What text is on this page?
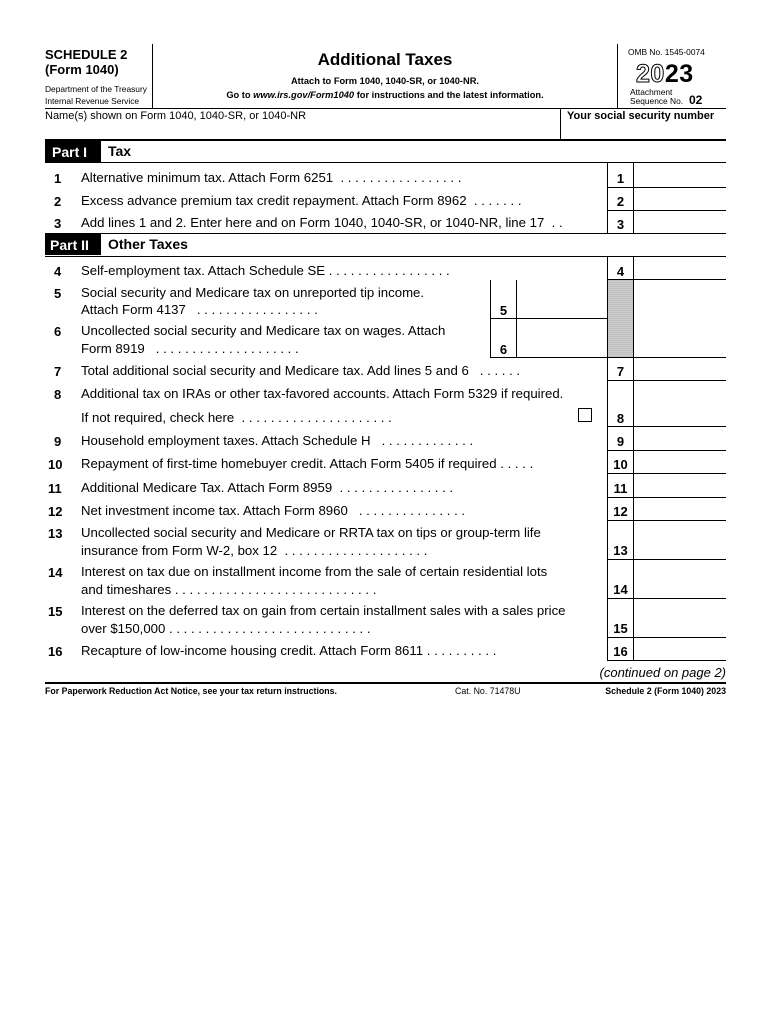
SCHEDULE 2
(Form 1040)
Department of the Treasury
Internal Revenue Service
Additional Taxes
Attach to Form 1040, 1040-SR, or 1040-NR.
Go to www.irs.gov/Form1040 for instructions and the latest information.
OMB No. 1545-0074
2023
Attachment
Sequence No. 02
Name(s) shown on Form 1040, 1040-SR, or 1040-NR	Your social security number
Part I	Tax
1 Alternative minimum tax. Attach Form 6251 . . . . . . . . . . . . . . . . .	1
2 Excess advance premium tax credit repayment. Attach Form 8962 . . . . . . .	2
3 Add lines 1 and 2. Enter here and on Form 1040, 1040-SR, or 1040-NR, line 17 . .	3
Part II	Other Taxes
4 Self-employment tax. Attach Schedule SE . . . . . . . . . . . . . . . . .	4
5 Social security and Medicare tax on unreported tip income.
Attach Form 4137 . . . . . . . . . . . . . . . . .	5
6 Uncollected social security and Medicare tax on wages. Attach
Form 8919 . . . . . . . . . . . . . . . . . . . .	6
7 Total additional social security and Medicare tax. Add lines 5 and 6 . . . . . .	7
8 Additional tax on IRAs or other tax-favored accounts. Attach Form 5329 if required.
If not required, check here . . . . . . . . . . . . . . . . . . . . .	8
9 Household employment taxes. Attach Schedule H . . . . . . . . . . . . .	9
10 Repayment of first-time homebuyer credit. Attach Form 5405 if required . . . . .	10
11 Additional Medicare Tax. Attach Form 8959 . . . . . . . . . . . . . . . .	11
12 Net investment income tax. Attach Form 8960 . . . . . . . . . . . . . . .	12
13 Uncollected social security and Medicare or RRTA tax on tips or group-term life
insurance from Form W-2, box 12 . . . . . . . . . . . . . . . . . . . .	13
14 Interest on tax due on installment income from the sale of certain residential lots
and timeshares . . . . . . . . . . . . . . . . . . . . . . . . . . . .	14
15 Interest on the deferred tax on gain from certain installment sales with a sales price
over $150,000 . . . . . . . . . . . . . . . . . . . . . . . . . . . .	15
16 Recapture of low-income housing credit. Attach Form 8611 . . . . . . . . . .	16
(continued on page 2)
For Paperwork Reduction Act Notice, see your tax return instructions.	Cat. No. 71478U	Schedule 2 (Form 1040) 2023
